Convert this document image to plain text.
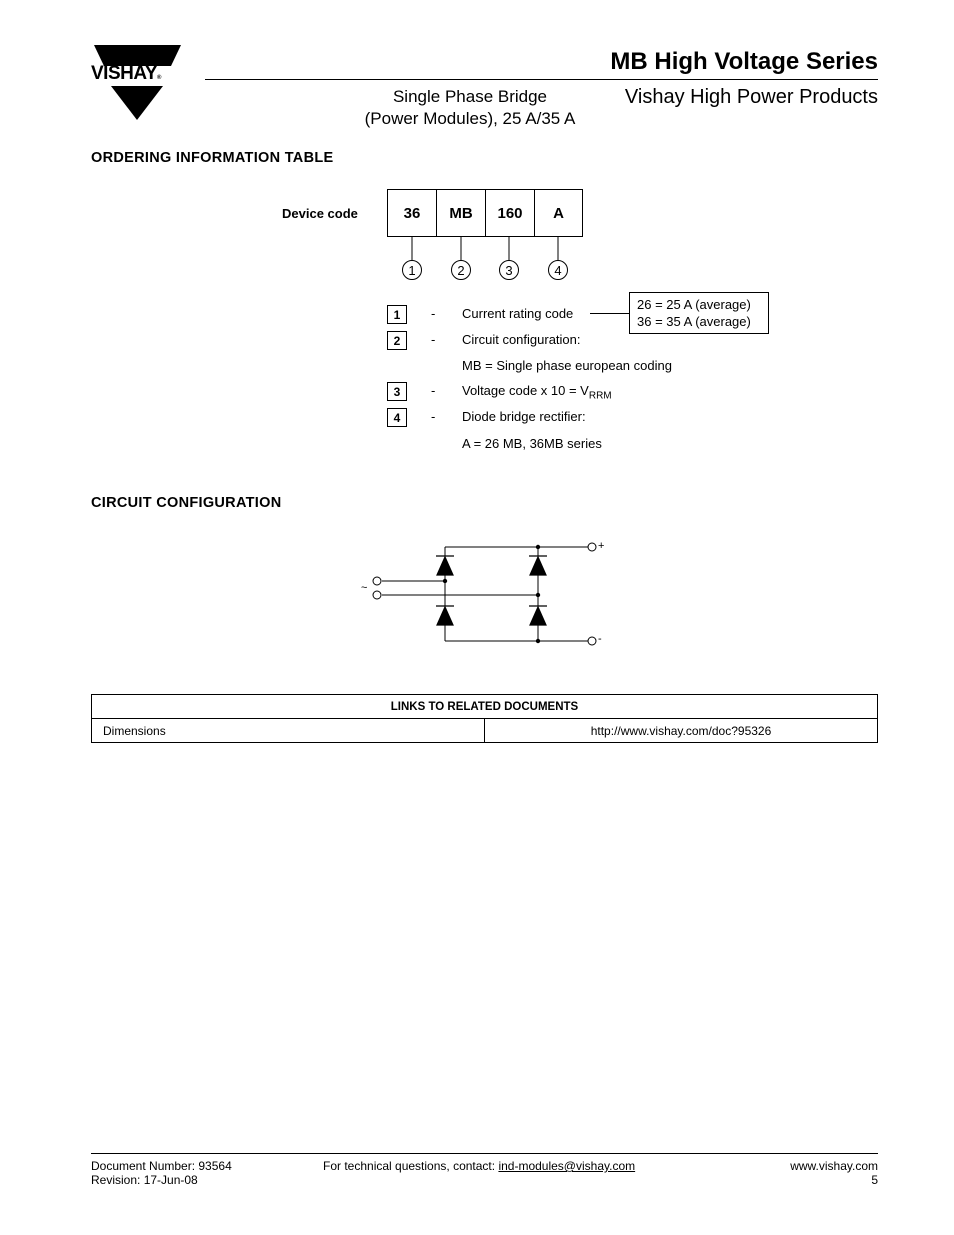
VISHAY®
MB High Voltage Series
Single Phase Bridge
(Power Modules), 25 A/35 A
Vishay High Power Products
ORDERING INFORMATION TABLE
Device code	36	MB	160	A
1	2	3	4
1	- Current rating code
26 = 25 A (average)
36 = 35 A (average)
2	- Circuit configuration:
MB = Single phase european coding
3	- Voltage code x $10 = V_{RRM}$
4	- Diode bridge rectifier:
A = 26 MB, 36MB series
CIRCUIT CONFIGURATION
+
-
~
LINKS TO RELATED DOCUMENTS
Dimensions	http://www.vishay.com/doc?95326
Document Number: 93564
Revision: 17-Jun-08
For technical questions, contact: ind-modules@vishay.com	www.vishay.com
5
